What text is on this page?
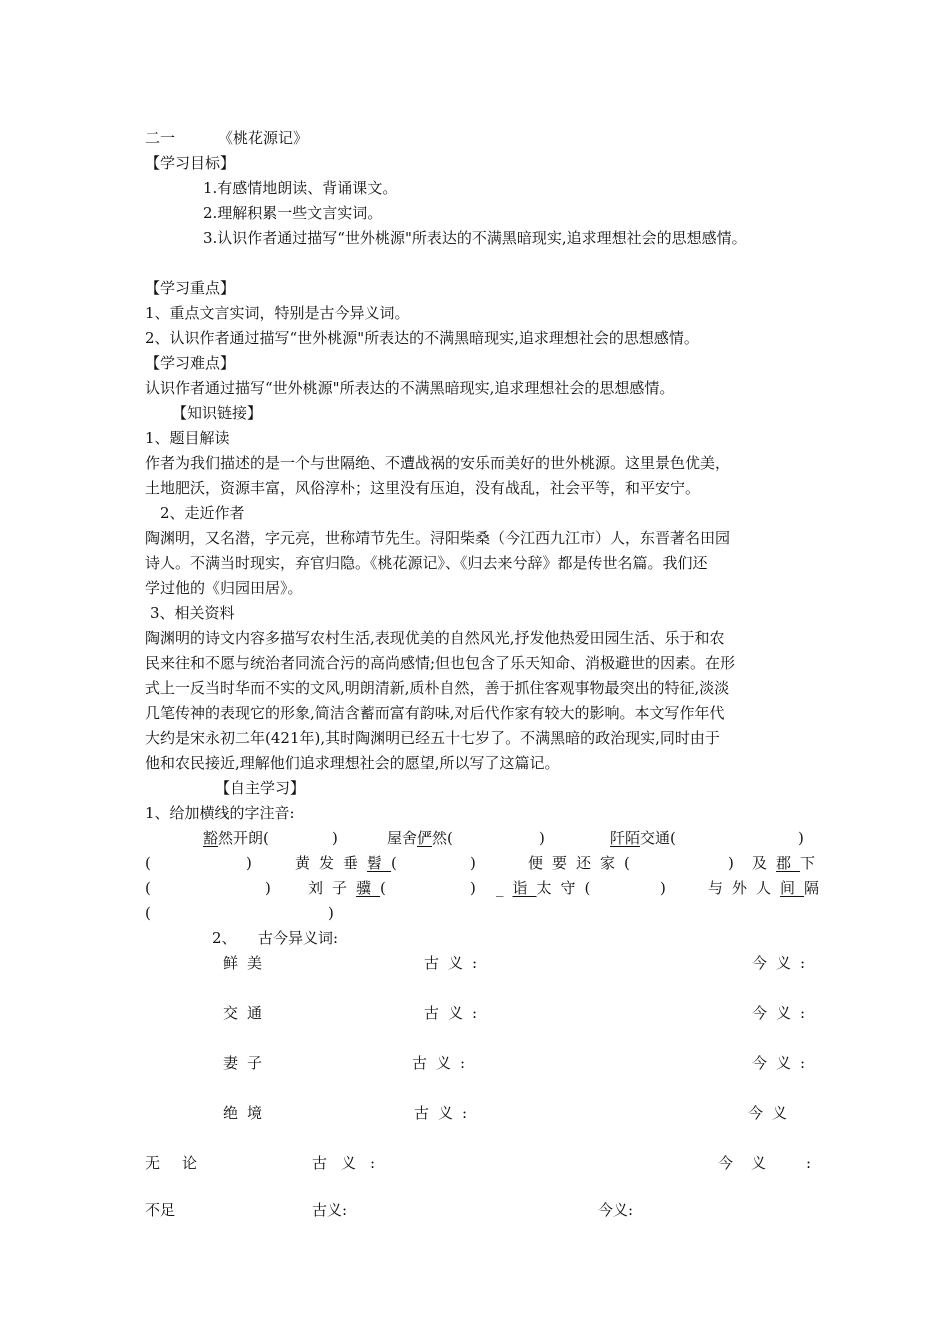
二一	《桃花源记》
【学习目标】
1.有感情地朗读、背诵课文。
2.理解积累一些文言实词。
3.认识作者通过描写“世外桃源"所表达的不满黑暗现实,追求理想社会的思想感情。
【学习重点】
1、重点文言实词，特别是古今异义词。
2、认识作者通过描写“世外桃源"所表达的不满黑暗现实,追求理想社会的思想感情。
【学习难点】
认识作者通过描写“世外桃源"所表达的不满黑暗现实,追求理想社会的思想感情。
【知识链接】
1、题目解读
作者为我们描述的是一个与世隔绝、不遭战祸的安乐而美好的世外桃源。这里景色优美，
土地肥沃，资源丰富，风俗淳朴；这里没有压迫，没有战乱，社会平等，和平安宁。
2、走近作者
陶渊明，又名潜，字元亮，世称靖节先生。浔阳柴桑（今江西九江市）人，东晋著名田园
诗人。不满当时现实，弃官归隐。《桃花源记》、《归去来兮辞》都是传世名篇。我们还
学过他的《归园田居》。
3、相关资料
陶渊明的诗文内容多描写农村生活,表现优美的自然风光,抒发他热爱田园生活、乐于和农
民来往和不愿与统治者同流合污的高尚感情;但也包含了乐天知命、消极避世的因素。在形
式上一反当时华而不实的文风,明朗清新,质朴自然，善于抓住客观事物最突出的特征,淡淡
几笔传神的表现它的形象,简洁含蓄而富有韵味,对后代作家有较大的影响。本文写作年代
大约是宋永初二年(421年),其时陶渊明已经五十七岁了。不满黑暗的政治现实,同时由于
他和农民接近,理解他们追求理想社会的愿望,所以写了这篇记。
【自主学习】
1、给加横线的字注音:
豁然开朗(	)	屋舍俨然(	)	阡陌交通(	)
(	)	黄发垂髫(	)	便要还家(	) 及郡下
(	) 刘子骥(	) _诣太守(	)	与外人间隔
(	)
2、 古今异义词:
鲜美	古义:	今义:
交通	古义:	今义:
妻子	古义:	今义:
绝境	古义:	今义
无论	古义:	今义 :
不足	古义:	今义:
